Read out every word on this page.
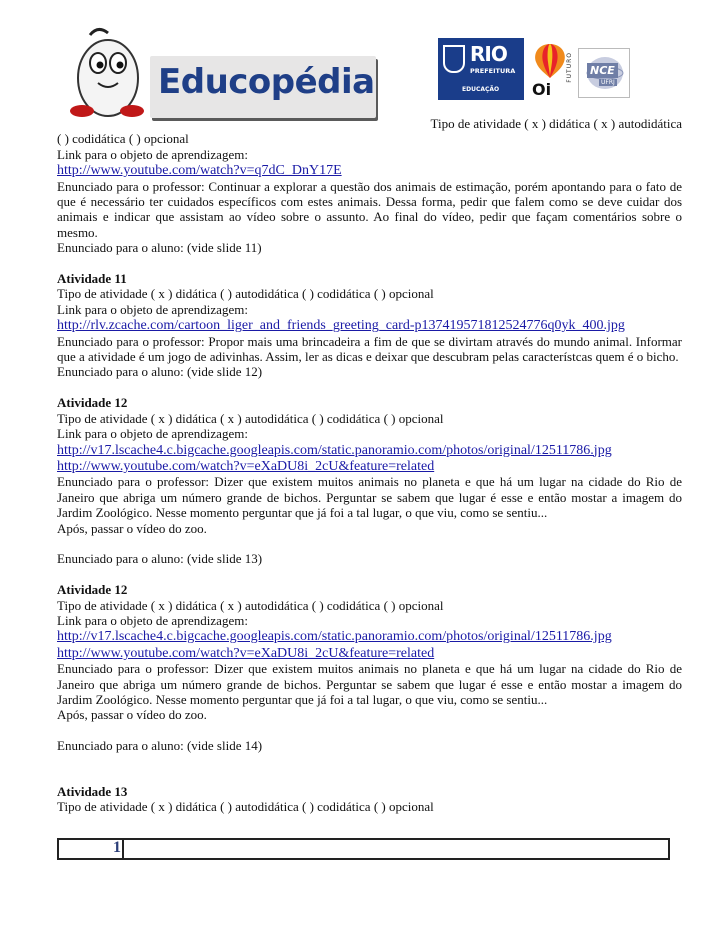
Educopédia
RIO
PREFEITURA
EDUCAÇÃO Oi
FUTURO NCE
UFRJ

Tipo de atividade ( x ) didática ( x ) autodidática

( ) codidática ( ) opcional

Link para o objeto de aprendizagem:

http://www.youtube.com/watch?v=q7dC_DnY17E

Enunciado para o professor: Continuar a explorar a questão dos animais de estimação, porém apontando para o fato de que é necessário ter cuidados específicos com estes animais. Dessa forma, pedir que falem como se deve cuidar dos animais e indicar que assistam ao vídeo sobre o assunto. Ao final do vídeo, pedir que façam comentários sobre o mesmo.

Enunciado para o aluno: (vide slide 11)

Atividade 11

Tipo de atividade ( x ) didática ( ) autodidática ( ) codidática ( ) opcional

Link para o objeto de aprendizagem:

http://rlv.zcache.com/cartoon_liger_and_friends_greeting_card-p137419571812524776q0yk_400.jpg

Enunciado para o professor: Propor mais uma brincadeira a fim de que se divirtam através do mundo animal. Informar que a atividade é um jogo de adivinhas. Assim, ler as dicas e deixar que descubram pelas característcas quem é o bicho.

Enunciado para o aluno: (vide slide 12)

Atividade 12

Tipo de atividade ( x ) didática ( x ) autodidática ( ) codidática ( ) opcional

Link para o objeto de aprendizagem:

http://v17.lscache4.c.bigcache.googleapis.com/static.panoramio.com/photos/original/12511786.jpg

http://www.youtube.com/watch?v=eXaDU8i_2cU&feature=related

Enunciado para o professor: Dizer que existem muitos animais no planeta e que há um lugar na cidade do Rio de Janeiro que abriga um número grande de bichos. Perguntar se sabem que lugar é esse e então mostar a imagem do Jardim Zoológico. Nesse momento perguntar que já foi a tal lugar, o que viu, como se sentiu...

Após, passar o vídeo do zoo.

Enunciado para o aluno: (vide slide 13)

Atividade 12

Tipo de atividade ( x ) didática ( x ) autodidática ( ) codidática ( ) opcional

Link para o objeto de aprendizagem:

http://v17.lscache4.c.bigcache.googleapis.com/static.panoramio.com/photos/original/12511786.jpg

http://www.youtube.com/watch?v=eXaDU8i_2cU&feature=related

Enunciado para o professor: Dizer que existem muitos animais no planeta e que há um lugar na cidade do Rio de Janeiro que abriga um número grande de bichos. Perguntar se sabem que lugar é esse e então mostar a imagem do Jardim Zoológico. Nesse momento perguntar que já foi a tal lugar, o que viu, como se sentiu...

Após, passar o vídeo do zoo.

Enunciado para o aluno: (vide slide 14)

Atividade 13

Tipo de atividade ( x ) didática ( ) autodidática ( ) codidática ( ) opcional

1
